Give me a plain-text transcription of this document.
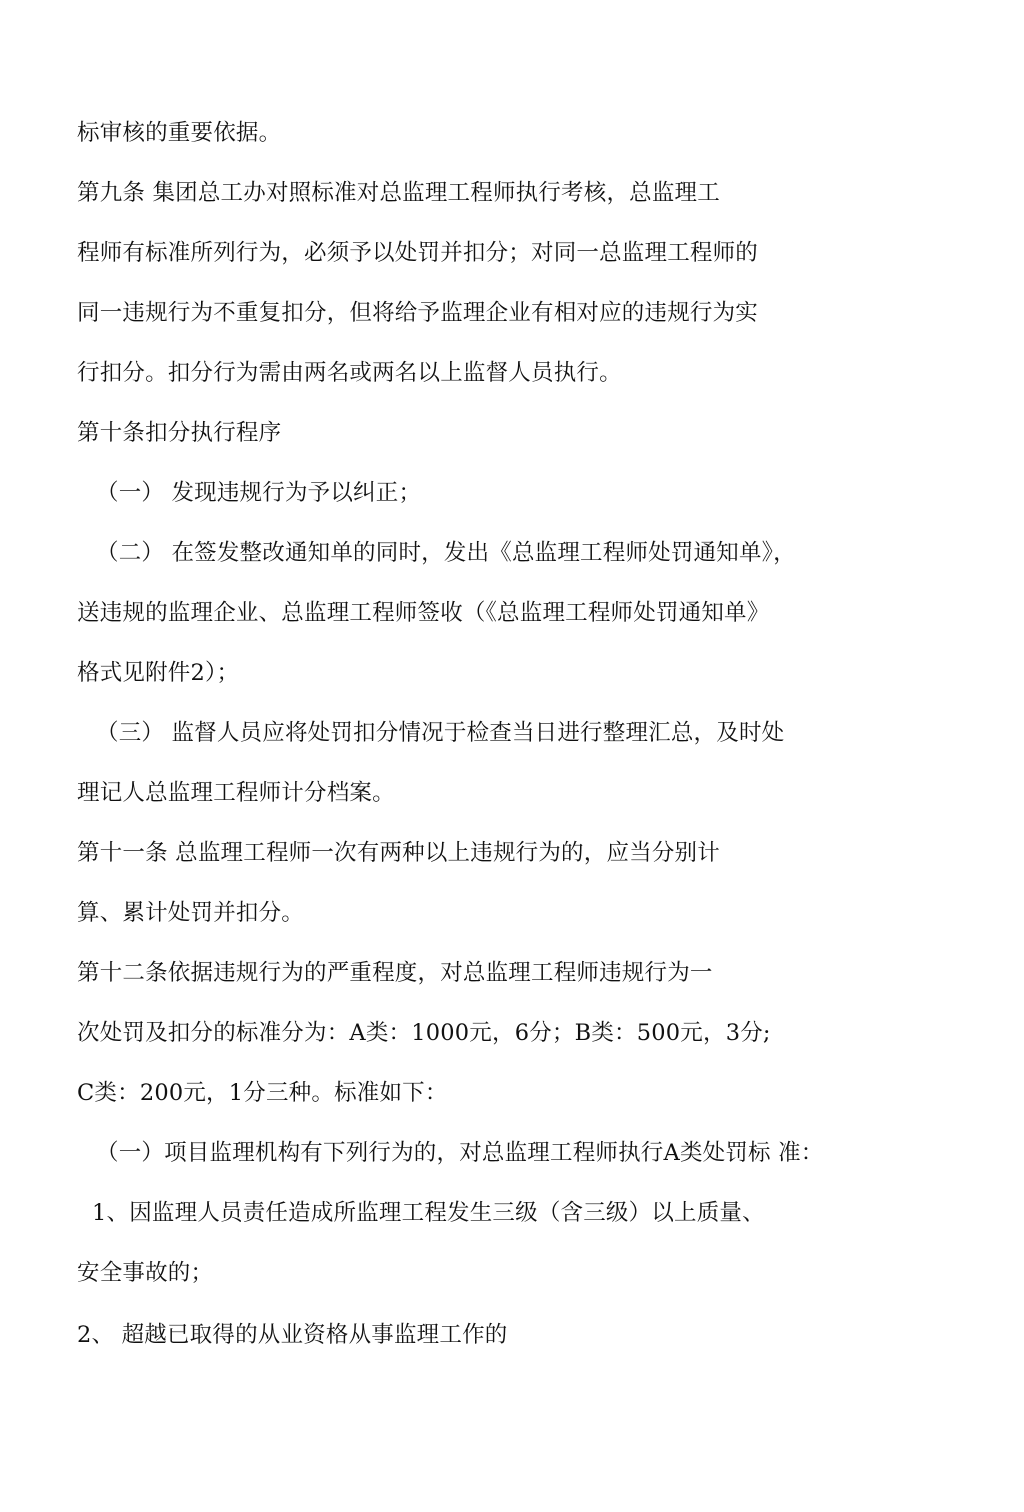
标审核的重要依据。
第九条 集团总工办对照标准对总监理工程师执行考核，总监理工
程师有标准所列行为，必须予以处罚并扣分；对同一总监理工程师的
同一违规行为不重复扣分，但将给予监理企业有相对应的违规行为实
行扣分。扣分行为需由两名或两名以上监督人员执行。
第十条扣分执行程序
（一） 发现违规行为予以纠正；
（二） 在签发整改通知单的同时，发出《总监理工程师处罚通知单》，
送违规的监理企业、总监理工程师签收（《总监理工程师处罚通知单》
格式见附件2）；
（三） 监督人员应将处罚扣分情况于检查当日进行整理汇总，及时处
理记人总监理工程师计分档案。
第十一条 总监理工程师一次有两种以上违规行为的，应当分别计
算、累计处罚并扣分。
第十二条依据违规行为的严重程度，对总监理工程师违规行为一
次处罚及扣分的标准分为：A类：1000元，6分；B类：500元，3分;
C类：200元，1分三种。标准如下：
（一）项目监理机构有下列行为的，对总监理工程师执行A类处罚标 准：
1、因监理人员责任造成所监理工程发生三级（含三级）以上质量、
安全事故的；
2、 超越已取得的从业资格从事监理工作的
